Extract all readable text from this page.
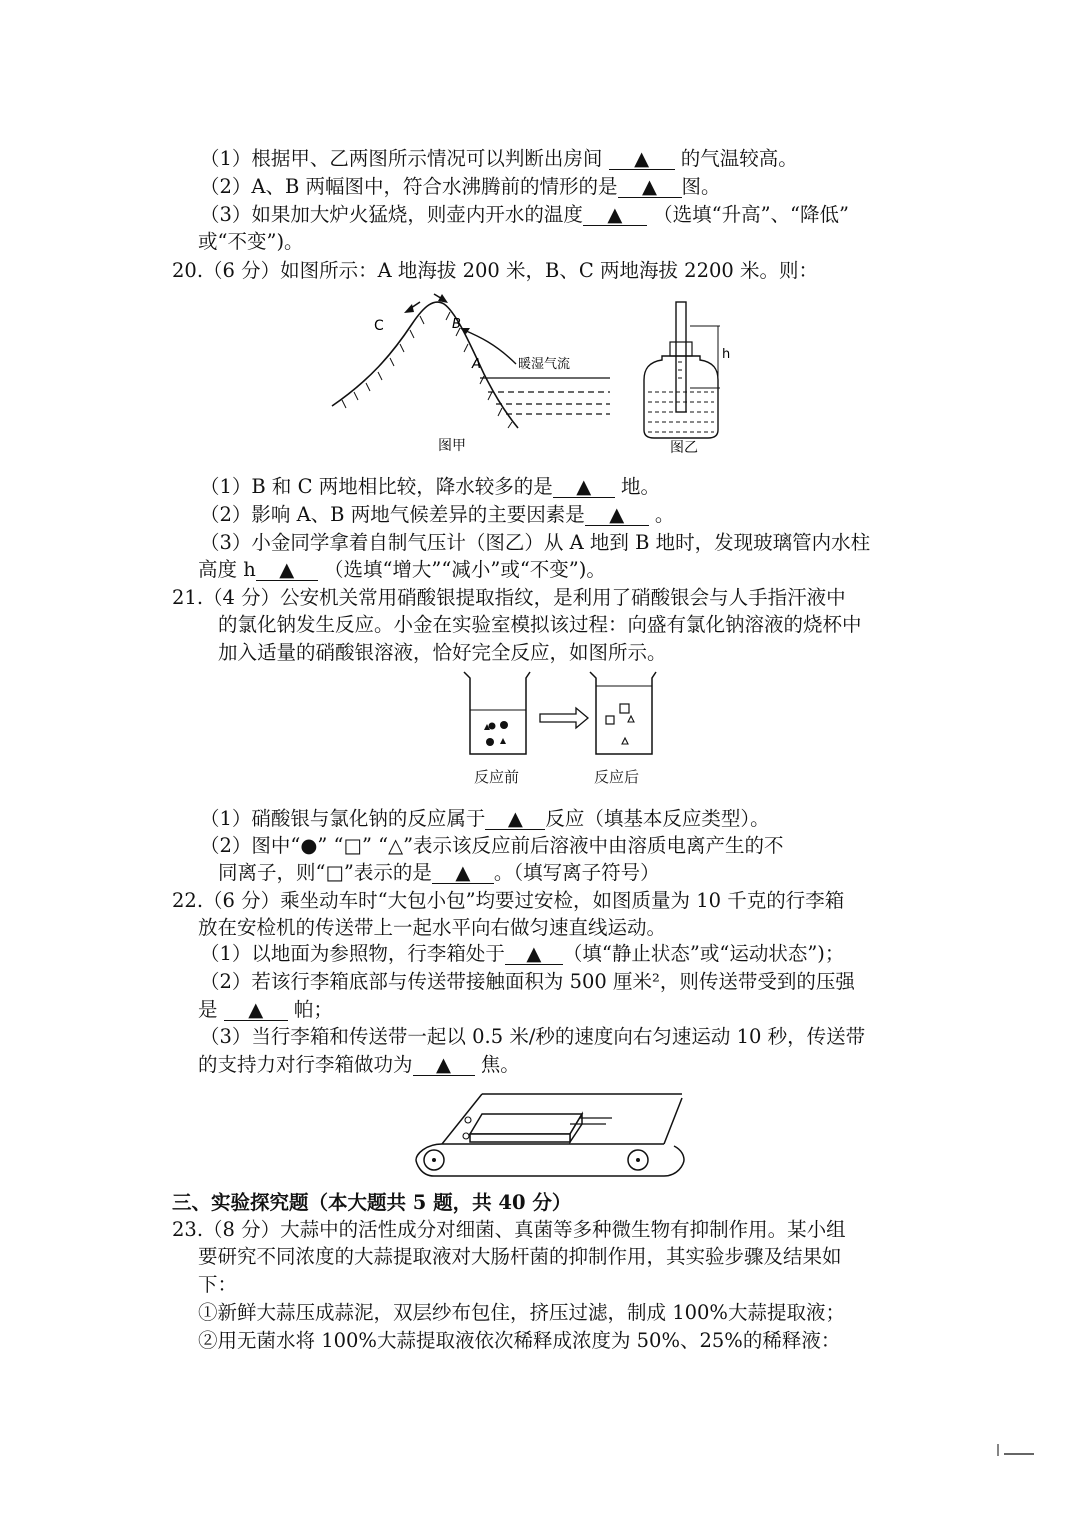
（1）根据甲、乙两图所示情况可以判断出房间 ▲ 的气温较高。
（2）A、B 两幅图中，符合水沸腾前的情形的是 ▲ 图。
（3）如果加大炉火猛烧，则壶内开水的温度 ▲ （选填“升高”、“降低”
或“不变”)。
20.（6 分）如图所示：A 地海拔 200 米，B、C 两地海拔 2200 米。则：
C	B
A	暖湿气流
图甲
h
图乙
（1）B 和 C 两地相比较，降水较多的是 ▲ 地。
（2）影响 A、B 两地气候差异的主要因素是 ▲ 。
（3）小金同学拿着自制气压计（图乙）从 A 地到 B 地时，发现玻璃管内水柱
高度 h ▲ （选填“增大”“减小”或“不变”)。
21.（4 分）公安机关常用硝酸银提取指纹，是利用了硝酸银会与人手指汗液中
的氯化钠发生反应。小金在实验室模拟该过程：向盛有氯化钠溶液的烧杯中
加入适量的硝酸银溶液，恰好完全反应，如图所示。
反应前	反应后
（1）硝酸银与氯化钠的反应属于 ▲ 反应（填基本反应类型）。
（2）图中“●” “□” “△”表示该反应前后溶液中由溶质电离产生的不
同离子，则“□”表示的是 ▲ 。（填写离子符号）
22.（6 分）乘坐动车时“大包小包”均要过安检，如图质量为 10 千克的行李箱
放在安检机的传送带上一起水平向右做匀速直线运动。
（1）以地面为参照物，行李箱处于 ▲ （填“静止状态”或“运动状态”)；
（2）若该行李箱底部与传送带接触面积为 500 厘米²，则传送带受到的压强
是 ▲ 帕；
（3）当行李箱和传送带一起以 0.5 米/秒的速度向右匀速运动 10 秒，传送带
的支持力对行李箱做功为 ▲ 焦。
三、实验探究题（本大题共 5 题，共 40 分）
23.（8 分）大蒜中的活性成分对细菌、真菌等多种微生物有抑制作用。某小组
要研究不同浓度的大蒜提取液对大肠杆菌的抑制作用，其实验步骤及结果如
下：
①新鲜大蒜压成蒜泥，双层纱布包住，挤压过滤，制成 100%大蒜提取液；
②用无菌水将 100%大蒜提取液依次稀释成浓度为 50%、25%的稀释液：
